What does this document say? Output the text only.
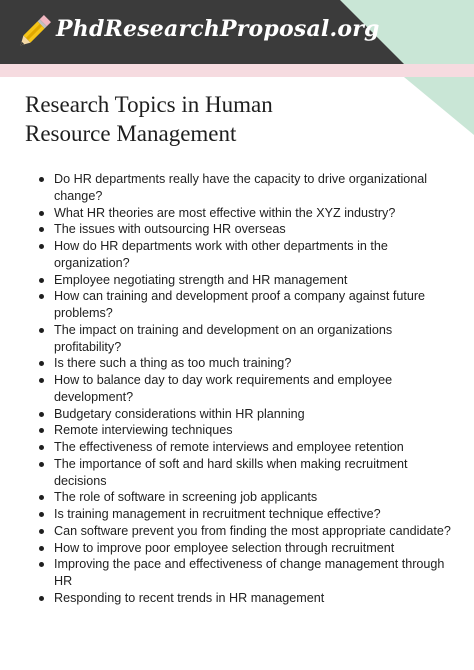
PhdResearchProposal.org
Research Topics in Human Resource Management
Do HR departments really have the capacity to drive organizational change?
What HR theories are most effective within the XYZ industry?
The issues with outsourcing HR overseas
How do HR departments work with other departments in the organization?
Employee negotiating strength and HR management
How can training and development proof a company against future problems?
The impact on training and development on an organizations profitability?
Is there such a thing as too much training?
How to balance day to day work requirements and employee development?
Budgetary considerations within HR planning
Remote interviewing techniques
The effectiveness of remote interviews and employee retention
The importance of soft and hard skills when making recruitment decisions
The role of software in screening job applicants
Is training management in recruitment technique effective?
Can software prevent you from finding the most appropriate candidate?
How to improve poor employee selection through recruitment
Improving the pace and effectiveness of change management through HR
Responding to recent trends in HR management
